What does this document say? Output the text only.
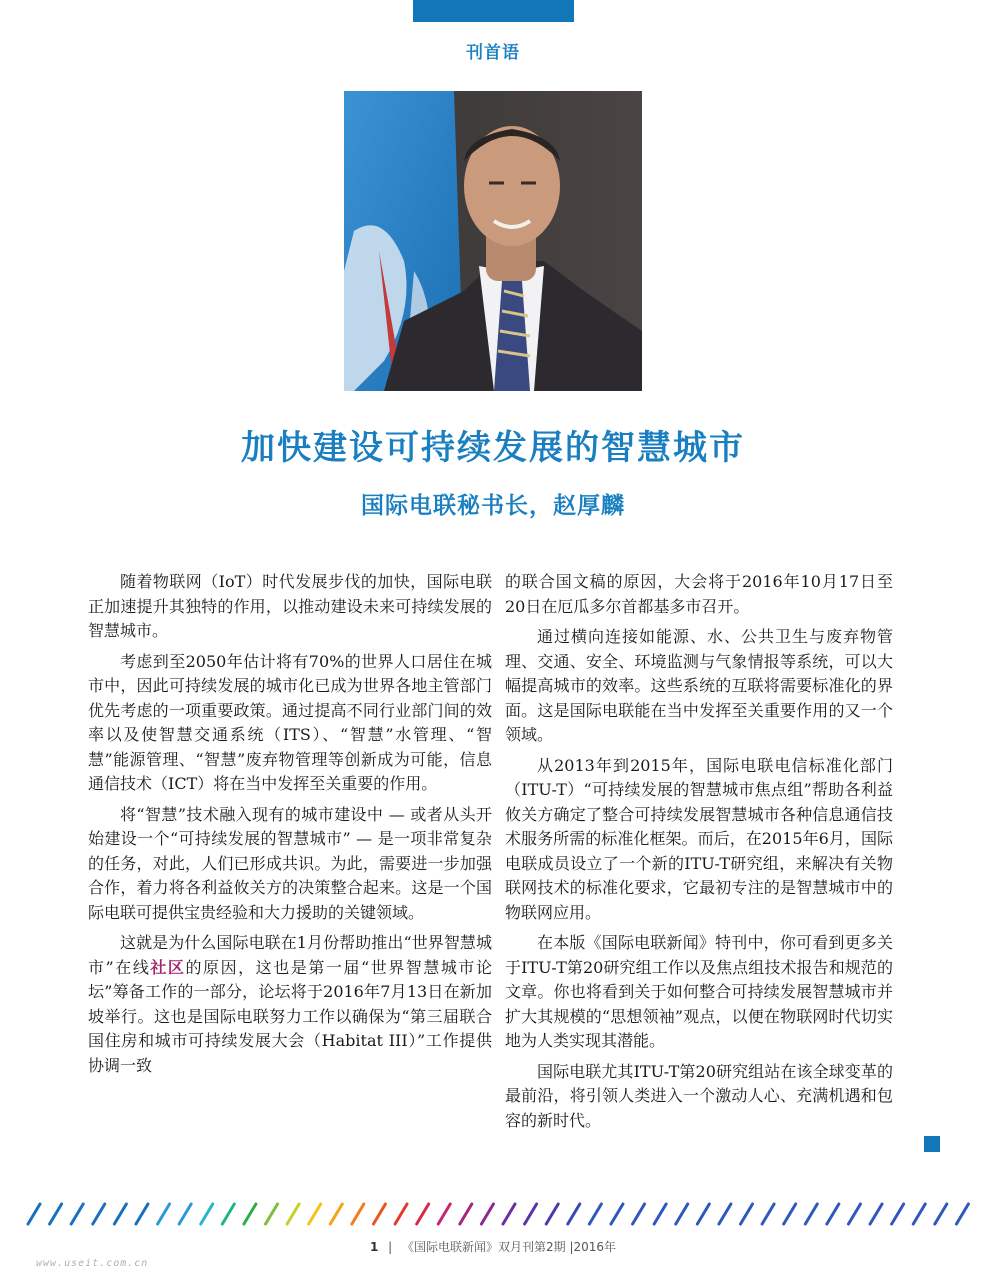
刊首语
加快建设可持续发展的智慧城市
国际电联秘书长，赵厚麟

随着物联网（IoT）时代发展步伐的加快，国际电联正加速提升其独特的作用，以推动建设未来可持续发展的智慧城市。

考虑到至2050年估计将有70%的世界人口居住在城市中，因此可持续发展的城市化已成为世界各地主管部门优先考虑的一项重要政策。通过提高不同行业部门间的效率以及使智慧交通系统（ITS）、“智慧”水管理、“智慧”能源管理、“智慧”废弃物管理等创新成为可能，信息通信技术（ICT）将在当中发挥至关重要的作用。

将“智慧”技术融入现有的城市建设中 — 或者从头开始建设一个“可持续发展的智慧城市” — 是一项非常复杂的任务，对此，人们已形成共识。为此，需要进一步加强合作，着力将各利益攸关方的决策整合起来。这是一个国际电联可提供宝贵经验和大力援助的关键领域。

这就是为什么国际电联在1月份帮助推出“世界智慧城市”在线社区的原因，这也是第一届“世界智慧城市论坛”筹备工作的一部分，论坛将于2016年7月13日在新加坡举行。这也是国际电联努力工作以确保为“第三届联合国住房和城市可持续发展大会（Habitat III）”工作提供协调一致

的联合国文稿的原因，大会将于2016年10月17日至20日在厄瓜多尔首都基多市召开。

通过横向连接如能源、水、公共卫生与废弃物管理、交通、安全、环境监测与气象情报等系统，可以大幅提高城市的效率。这些系统的互联将需要标准化的界面。这是国际电联能在当中发挥至关重要作用的又一个领域。

从2013年到2015年，国际电联电信标准化部门（ITU-T）“可持续发展的智慧城市焦点组”帮助各利益攸关方确定了整合可持续发展智慧城市各种信息通信技术服务所需的标准化框架。而后，在2015年6月，国际电联成员设立了一个新的ITU-T研究组，来解决有关物联网技术的标准化要求，它最初专注的是智慧城市中的物联网应用。

在本版《国际电联新闻》特刊中，你可看到更多关于ITU-T第20研究组工作以及焦点组技术报告和规范的文章。你也将看到关于如何整合可持续发展智慧城市并扩大其规模的“思想领袖”观点，以便在物联网时代切实地为人类实现其潜能。

国际电联尤其ITU-T第20研究组站在该全球变革的最前沿，将引领人类进入一个激动人心、充满机遇和包容的新时代。

1 | 《国际电联新闻》双月刊第2期 |2016年
www.useit.com.cn
